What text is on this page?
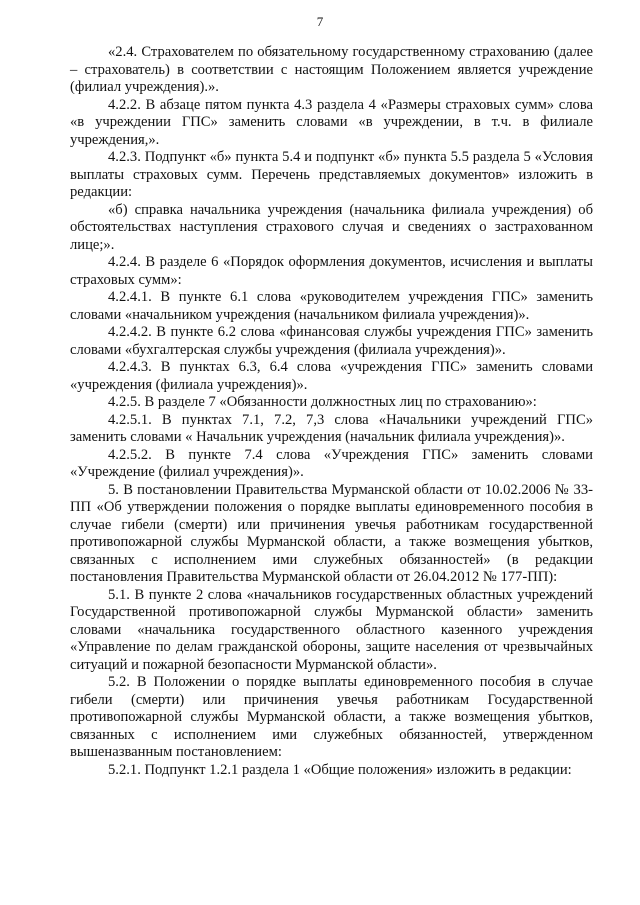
7

«2.4. Страхователем по обязательному государственному страхованию (далее – страхователь) в соответствии с настоящим Положением является учреждение (филиал учреждения).».

4.2.2. В абзаце пятом пункта 4.3 раздела 4 «Размеры страховых сумм» слова «в учреждении ГПС» заменить словами «в учреждении, в т.ч. в филиале учреждения,».

4.2.3. Подпункт «б» пункта 5.4 и подпункт «б» пункта 5.5 раздела 5 «Условия выплаты страховых сумм. Перечень представляемых документов» изложить в редакции:

«б) справка начальника учреждения (начальника филиала учреждения) об обстоятельствах наступления страхового случая и сведениях о застрахованном лице;».

4.2.4. В разделе 6 «Порядок оформления документов, исчисления и выплаты страховых сумм»:

4.2.4.1. В пункте 6.1 слова «руководителем учреждения ГПС» заменить словами «начальником учреждения (начальником филиала учреждения)».

4.2.4.2. В пункте 6.2 слова «финансовая службы учреждения ГПС» заменить словами «бухгалтерская службы учреждения (филиала учреждения)».

4.2.4.3. В пунктах 6.3, 6.4 слова «учреждения ГПС» заменить словами «учреждения (филиала учреждения)».

4.2.5. В разделе 7 «Обязанности должностных лиц по страхованию»:

4.2.5.1. В пунктах 7.1, 7.2, 7,3 слова «Начальники учреждений ГПС» заменить словами « Начальник учреждения (начальник филиала учреждения)».

4.2.5.2. В пункте 7.4 слова «Учреждения ГПС» заменить словами «Учреждение (филиал учреждения)».

5. В постановлении Правительства Мурманской области от 10.02.2006 № 33-ПП «Об утверждении положения о порядке выплаты единовременного пособия в случае гибели (смерти) или причинения увечья работникам государственной противопожарной службы Мурманской области, а также возмещения убытков, связанных с исполнением ими служебных обязанностей» (в редакции постановления Правительства Мурманской области от 26.04.2012 № 177-ПП):

5.1. В пункте 2 слова «начальников государственных областных учреждений Государственной противопожарной службы Мурманской области» заменить словами «начальника государственного областного казенного учреждения «Управление по делам гражданской обороны, защите населения от чрезвычайных ситуаций и пожарной безопасности Мурманской области».

5.2. В Положении о порядке выплаты единовременного пособия в случае гибели (смерти) или причинения увечья работникам Государственной противопожарной службы Мурманской области, а также возмещения убытков, связанных с исполнением ими служебных обязанностей, утвержденном вышеназванным постановлением:

5.2.1. Подпункт 1.2.1 раздела 1 «Общие положения» изложить в редакции:
